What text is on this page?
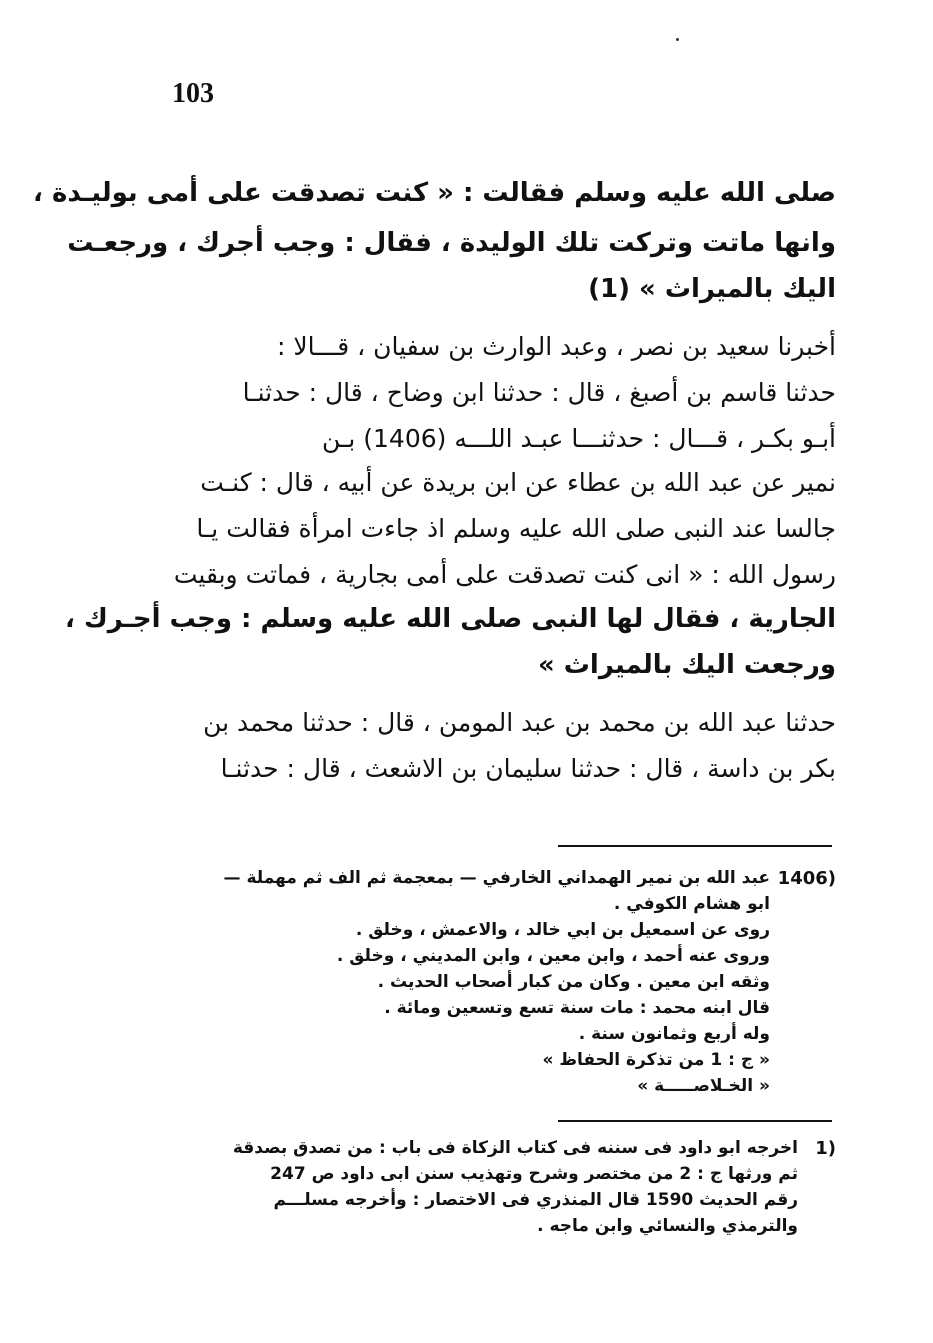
103
صلى الله عليه وسلم فقالت : « كنت تصدقت على أمى بوليـدة ،
وانها ماتت وتركت تلك الوليدة ، فقال : وجب أجرك ، ورجعـت
اليك بالميراث » (1)
أخبرنا سعيد بن نصر ، وعبد الوارث بن سفيان ، قـــالا :
حدثنا قاسم بن أصبغ ، قال : حدثنا ابن وضاح ، قال : حدثنـا
أبـو بكـر ، قـــال : حدثنـــا عبـد اللـــه (1406) بـن
نمير عن عبد الله بن عطاء عن ابن بريدة عن أبيه ، قال : كنـت
جالسا عند النبى صلى الله عليه وسلم اذ جاءت امرأة فقالت يـا
رسول الله : « انى كنت تصدقت على أمى بجارية ، فماتت وبقيت
الجارية ، فقال لها النبى صلى الله عليه وسلم : وجب أجـرك ،
ورجعت اليك بالميراث »
حدثنا عبد الله بن محمد بن عبد المومن ، قال : حدثنا محمد بن
بكر بن داسة ، قال : حدثنا سليمان بن الاشعث ، قال : حدثنـا
1406)
عبد الله بن نمير الهمداني الخارفي — بمعجمة ثم الف ثم مهملة —
ابو هشام الكوفي .
روى عن اسمعيل بن ابي خالد ، والاعمش ، وخلق .
وروى عنه أحمد ، وابن معين ، وابن المديني ، وخلق .
وثقه ابن معين . وكان من كبار أصحاب الحديث .
قال ابنه محمد : مات سنة تسع وتسعين ومائة .
وله أربع وثمانون سنة .
« ج : 1 من تذكرة الحفاظ »
« الخـلاصـــــة »
1)
اخرجه ابو داود فى سننه فى كتاب الزكاة فى باب : من تصدق بصدقة
ثم ورثها ج : 2 من مختصر وشرح وتهذيب سنن ابى داود ص 247
رقم الحديث 1590 قال المنذري فى الاختصار : وأخرجه مسلـــم
والترمذي والنسائي وابن ماجه .
